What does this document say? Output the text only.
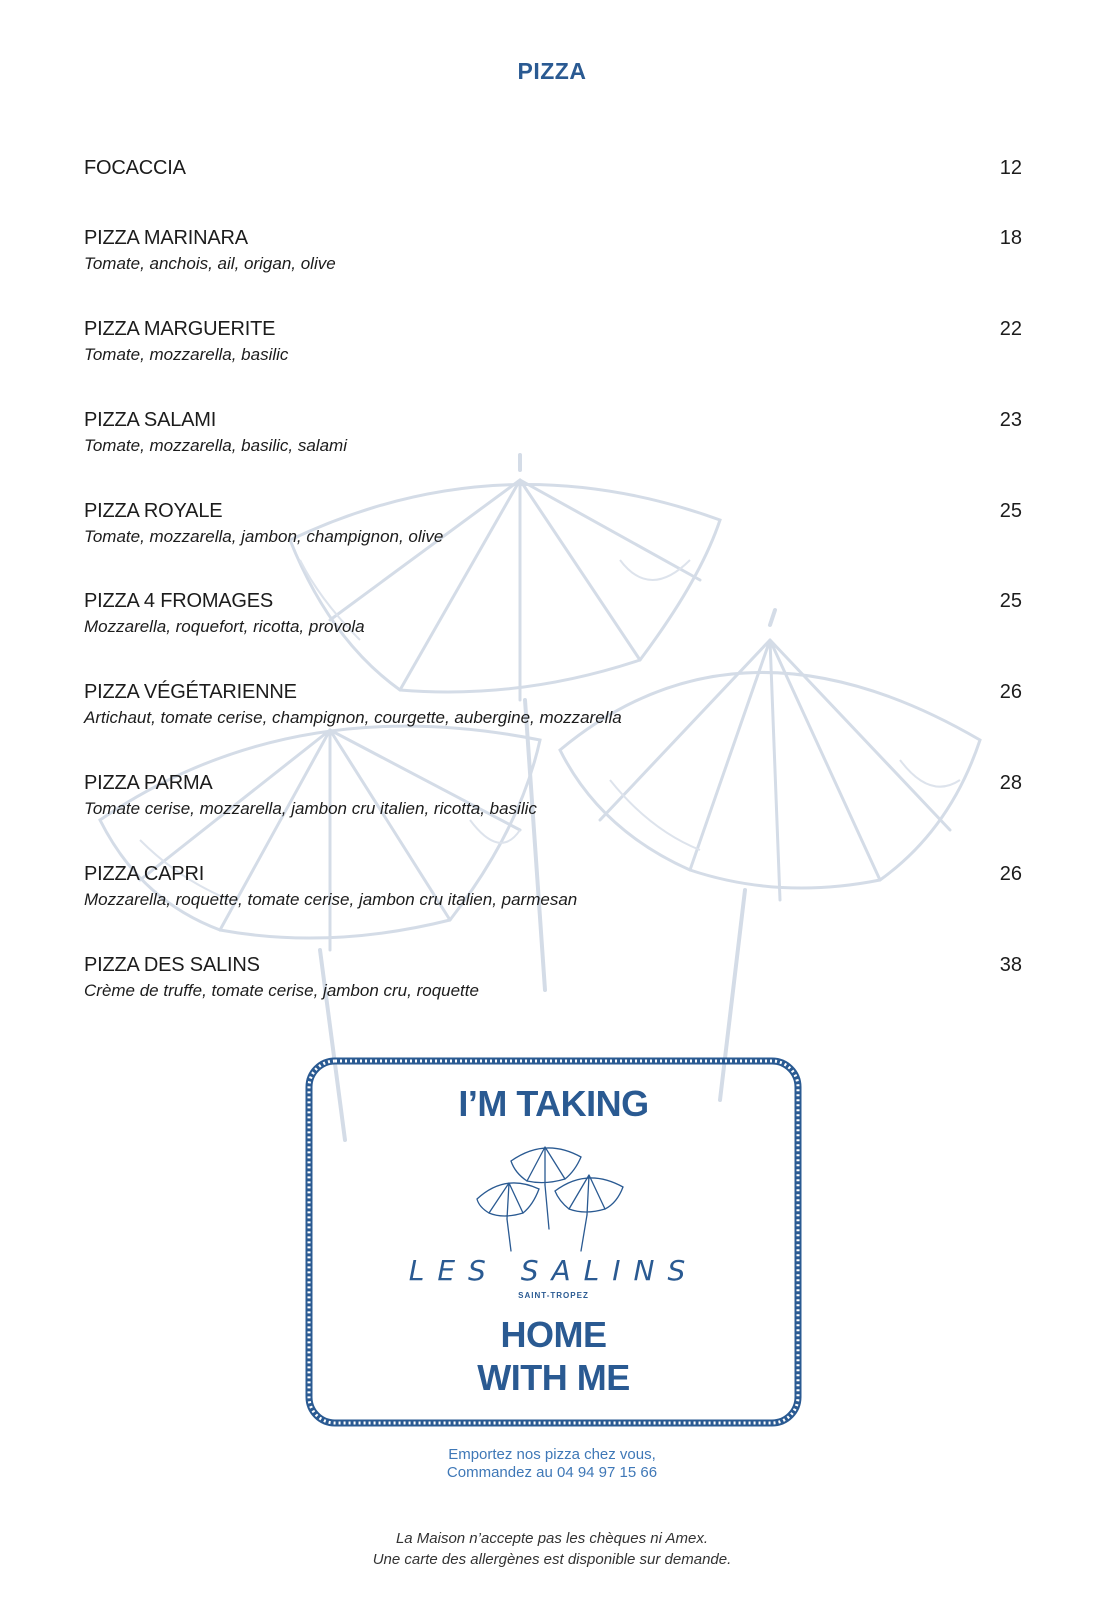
PIZZA
FOCACCIA	12
PIZZA MARINARA
Tomate, anchois, ail, origan, olive
18
PIZZA MARGUERITE
Tomate, mozzarella, basilic
22
PIZZA SALAMI
Tomate, mozzarella, basilic, salami
23
PIZZA ROYALE
Tomate, mozzarella, jambon, champignon, olive
25
PIZZA 4 FROMAGES
Mozzarella, roquefort, ricotta, provola
25
PIZZA VÉGÉTARIENNE
Artichaut, tomate cerise, champignon, courgette, aubergine, mozzarella
26
PIZZA PARMA
Tomate cerise, mozzarella, jambon cru italien, ricotta, basilic
28
PIZZA CAPRI
Mozzarella, roquette, tomate cerise, jambon cru italien, parmesan
26
PIZZA DES SALINS
Crème de truffe, tomate cerise, jambon cru, roquette
38
I’M TAKING
LES SALINS
SAINT-TROPEZ
HOME
WITH ME
Emportez nos pizza chez vous,
Commandez au 04 94 97 15 66
La Maison n’accepte pas les chèques ni Amex.
Une carte des allergènes est disponible sur demande.
